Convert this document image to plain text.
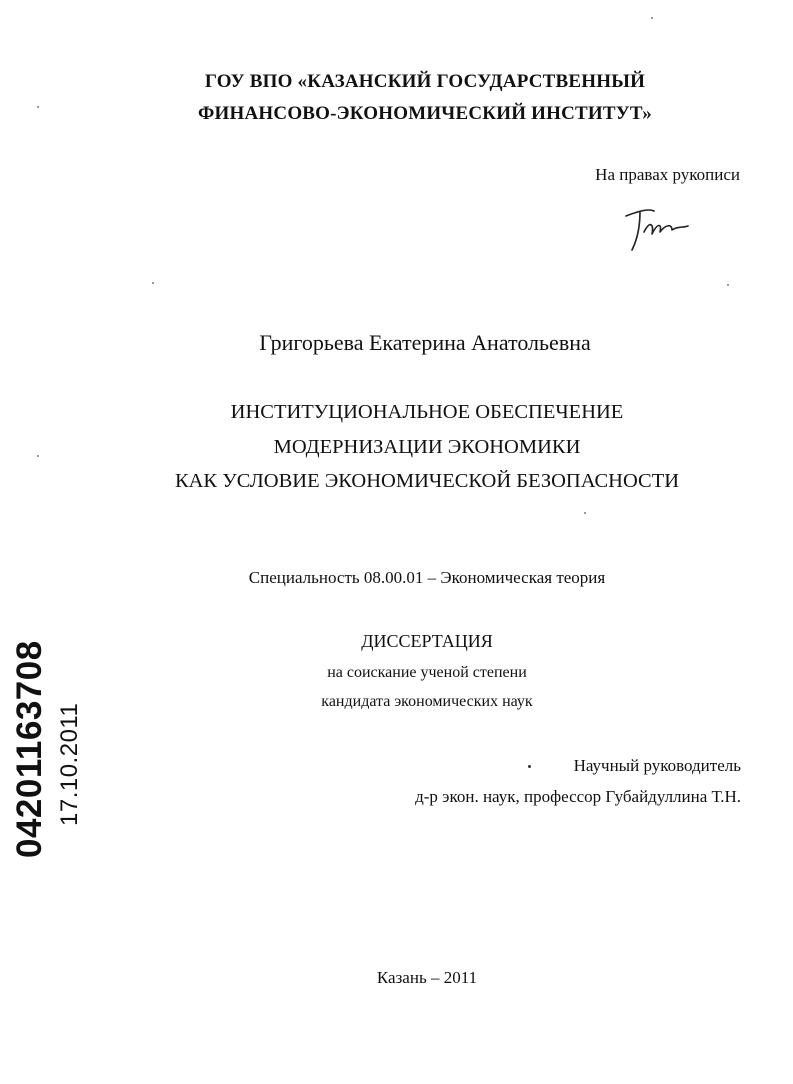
ГОУ ВПО «КАЗАНСКИЙ ГОСУДАРСТВЕННЫЙ
ФИНАНСОВО-ЭКОНОМИЧЕСКИЙ ИНСТИТУТ»
На правах рукописи
Григорьева Екатерина Анатольевна
ИНСТИТУЦИОНАЛЬНОЕ ОБЕСПЕЧЕНИЕ
МОДЕРНИЗАЦИИ ЭКОНОМИКИ
КАК УСЛОВИЕ ЭКОНОМИЧЕСКОЙ БЕЗОПАСНОСТИ
Специальность 08.00.01 – Экономическая теория
ДИССЕРТАЦИЯ
на соискание ученой степени
кандидата экономических наук
Научный руководитель
д-р экон. наук, профессор Губайдуллина Т.Н.
Казань – 2011
04201163708 17.10.2011
